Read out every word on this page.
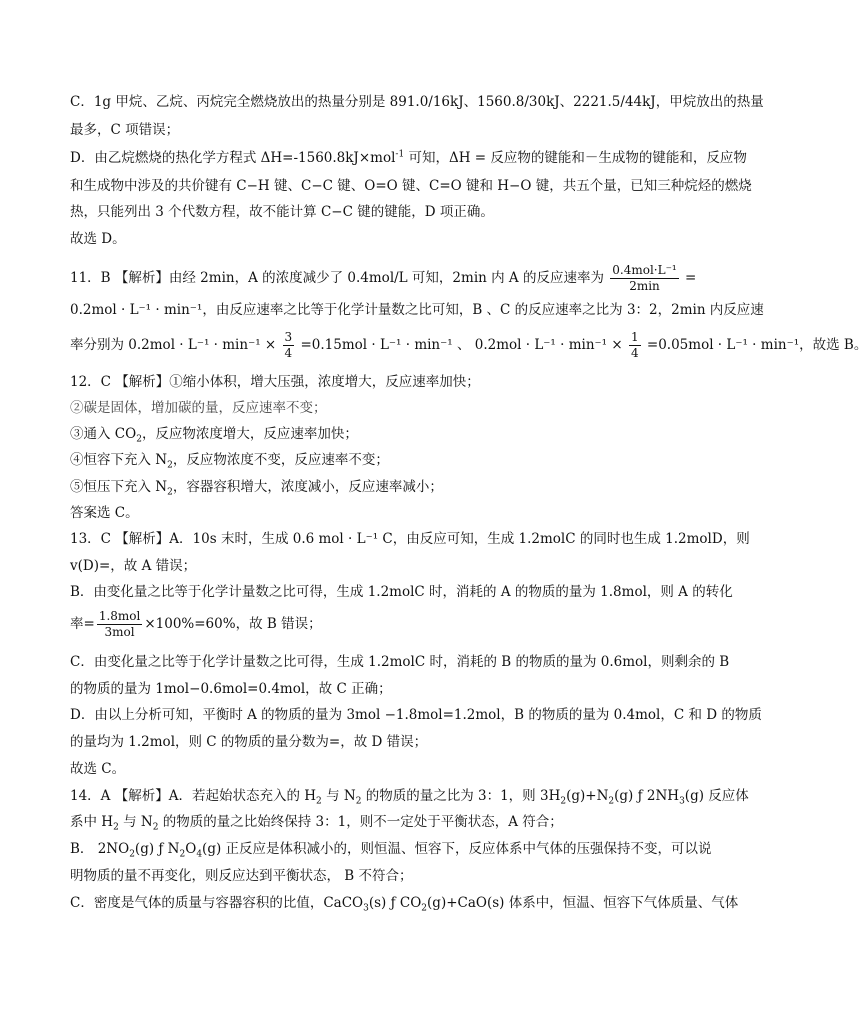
C．1g 甲烷、乙烷、丙烷完全燃烧放出的热量分别是 891.0/16kJ、1560.8/30kJ、2221.5/44kJ，甲烷放出的热量
最多，C 项错误；
D．由乙烷燃烧的热化学方程式 ΔH=-1560.8kJ×mol$^{-1}$ 可知，ΔH = 反应物的键能和－生成物的键能和，反应物
和生成物中涉及的共价键有 C−H 键、C−C 键、O=O 键、C=O 键和 H−O 键，共五个量，已知三种烷烃的燃烧
热，只能列出 3 个代数方程，故不能计算 C−C 键的键能，D 项正确。
故选 D。
11．B 【解析】由经 2min，A 的浓度减少了 0.4mol/L 可知，2min 内 A 的反应速率为 $\frac{\text{0.4mol·L⁻¹}}{2\min}$ =
0.2mol · L⁻¹ · min⁻¹，由反应速率之比等于化学计量数之比可知，B 、C 的反应速率之比为 3：2，2min 内反应速
率分别为 $0.2mol \cdot L^{-1} \cdot \min^{-1} \times \frac{3}{4} =0.15mol \cdot L^{-1} \cdot \min^{-1}$ 、 $0.2mol \cdot L^{-1} \cdot \min^{-1} \times \frac{1}{4} =0.05mol \cdot L^{-1} \cdot \min^{-1}$，故选 B。
12．C 【解析】①缩小体积，增大压强，浓度增大，反应速率加快；
②碳是固体，增加碳的量，反应速率不变；
③通入 $CO_2$，反应物浓度增大，反应速率加快；
④恒容下充入 $N_2$，反应物浓度不变，反应速率不变；
⑤恒压下充入 $N_2$，容器容积增大，浓度减小，反应速率减小；
答案选 C。
13．C 【解析】A．10s 末时，生成 0.6 mol · L⁻¹ C，由反应可知，生成 1.2molC 的同时也生成 1.2molD，则
v(D)=，故 A 错误；
B．由变化量之比等于化学计量数之比可得，生成 1.2molC 时，消耗的 A 的物质的量为 1.8mol，则 A 的转化
率= $\frac{\text{1.8mol}}{\text{3mol}} \times 100\%=60\%$，故 B 错误；
C．由变化量之比等于化学计量数之比可得，生成 1.2molC 时，消耗的 B 的物质的量为 0.6mol，则剩余的 B
的物质的量为 1mol−0.6mol=0.4mol，故 C 正确；
D．由以上分析可知，平衡时 A 的物质的量为 3mol −1.8mol=1.2mol，B 的物质的量为 0.4mol，C 和 D 的物质
的量均为 1.2mol，则 C 的物质的量分数为=，故 D 错误；
故选 C。
14．A 【解析】A．若起始状态充入的 $H_2$ 与 $N_2$ 的物质的量之比为 3：1，则 $3H_2(g)+N_2(g)$ ƒ $2NH_3(g)$ 反应体
系中 $H_2$ 与 $N_2$ 的物质的量之比始终保持 3：1，则不一定处于平衡状态，A 符合；
B． $2NO_2(g)$ ƒ $N_2O_4(g)$ 正反应是体积减小的，则恒温、恒容下，反应体系中气体的压强保持不变，可以说
明物质的量不再变化，则反应达到平衡状态， B 不符合；
C．密度是气体的质量与容器容积的比值，CaCO$_3$(s) ƒ $CO_2(g)+CaO(s)$ 体系中，恒温、恒容下气体质量、气体
